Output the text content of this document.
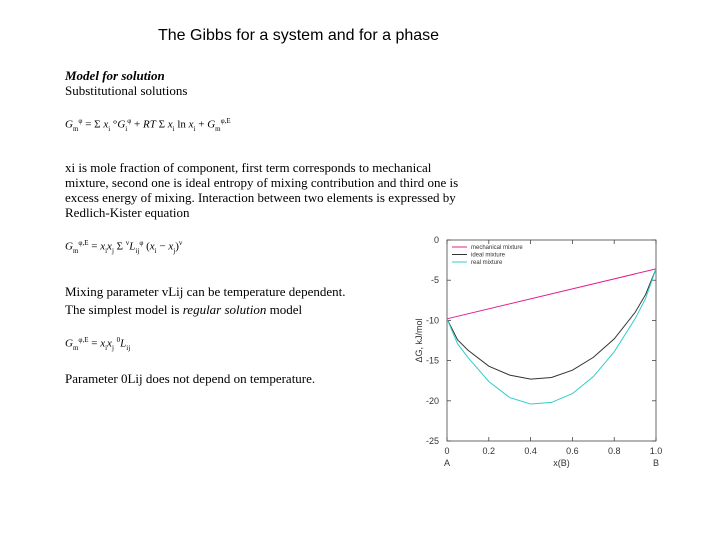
The Gibbs for a system and for a phase
Model for solution
Substitutional solutions
$G_m^\varphi = \Sigma$ $x_i$ $^\circ G_i^\varphi$ + RT Σ $x_i$ $\ln x_i + G_m^{\varphi,E}$
xi is mole fraction of component, first term corresponds to mechanical
mixture, second one is ideal entropy of mixing contribution and third one is
excess energy of mixing. Interaction between two elements is expressed by
Redlich-Kister equation
$G_m^{\varphi,E} = x_ix_j$ Σ $^vL_{ij}^\varphi$ $(x_i - x_j)^v$
Mixing parameter vLij can be temperature dependent.
The simplest model is regular solution model
$G_m^{\varphi,E} = x_ix_j$ $^0L_{ij}$
Parameter 0Lij does not depend on temperature.
0
-5
-10
-15
-20
-25
0	0.2	0.4	0.6	0.8	1.0
A	B
x(B)
ΔG, kJ/mol
mechanical mixture
ideal mixture
real mixture
